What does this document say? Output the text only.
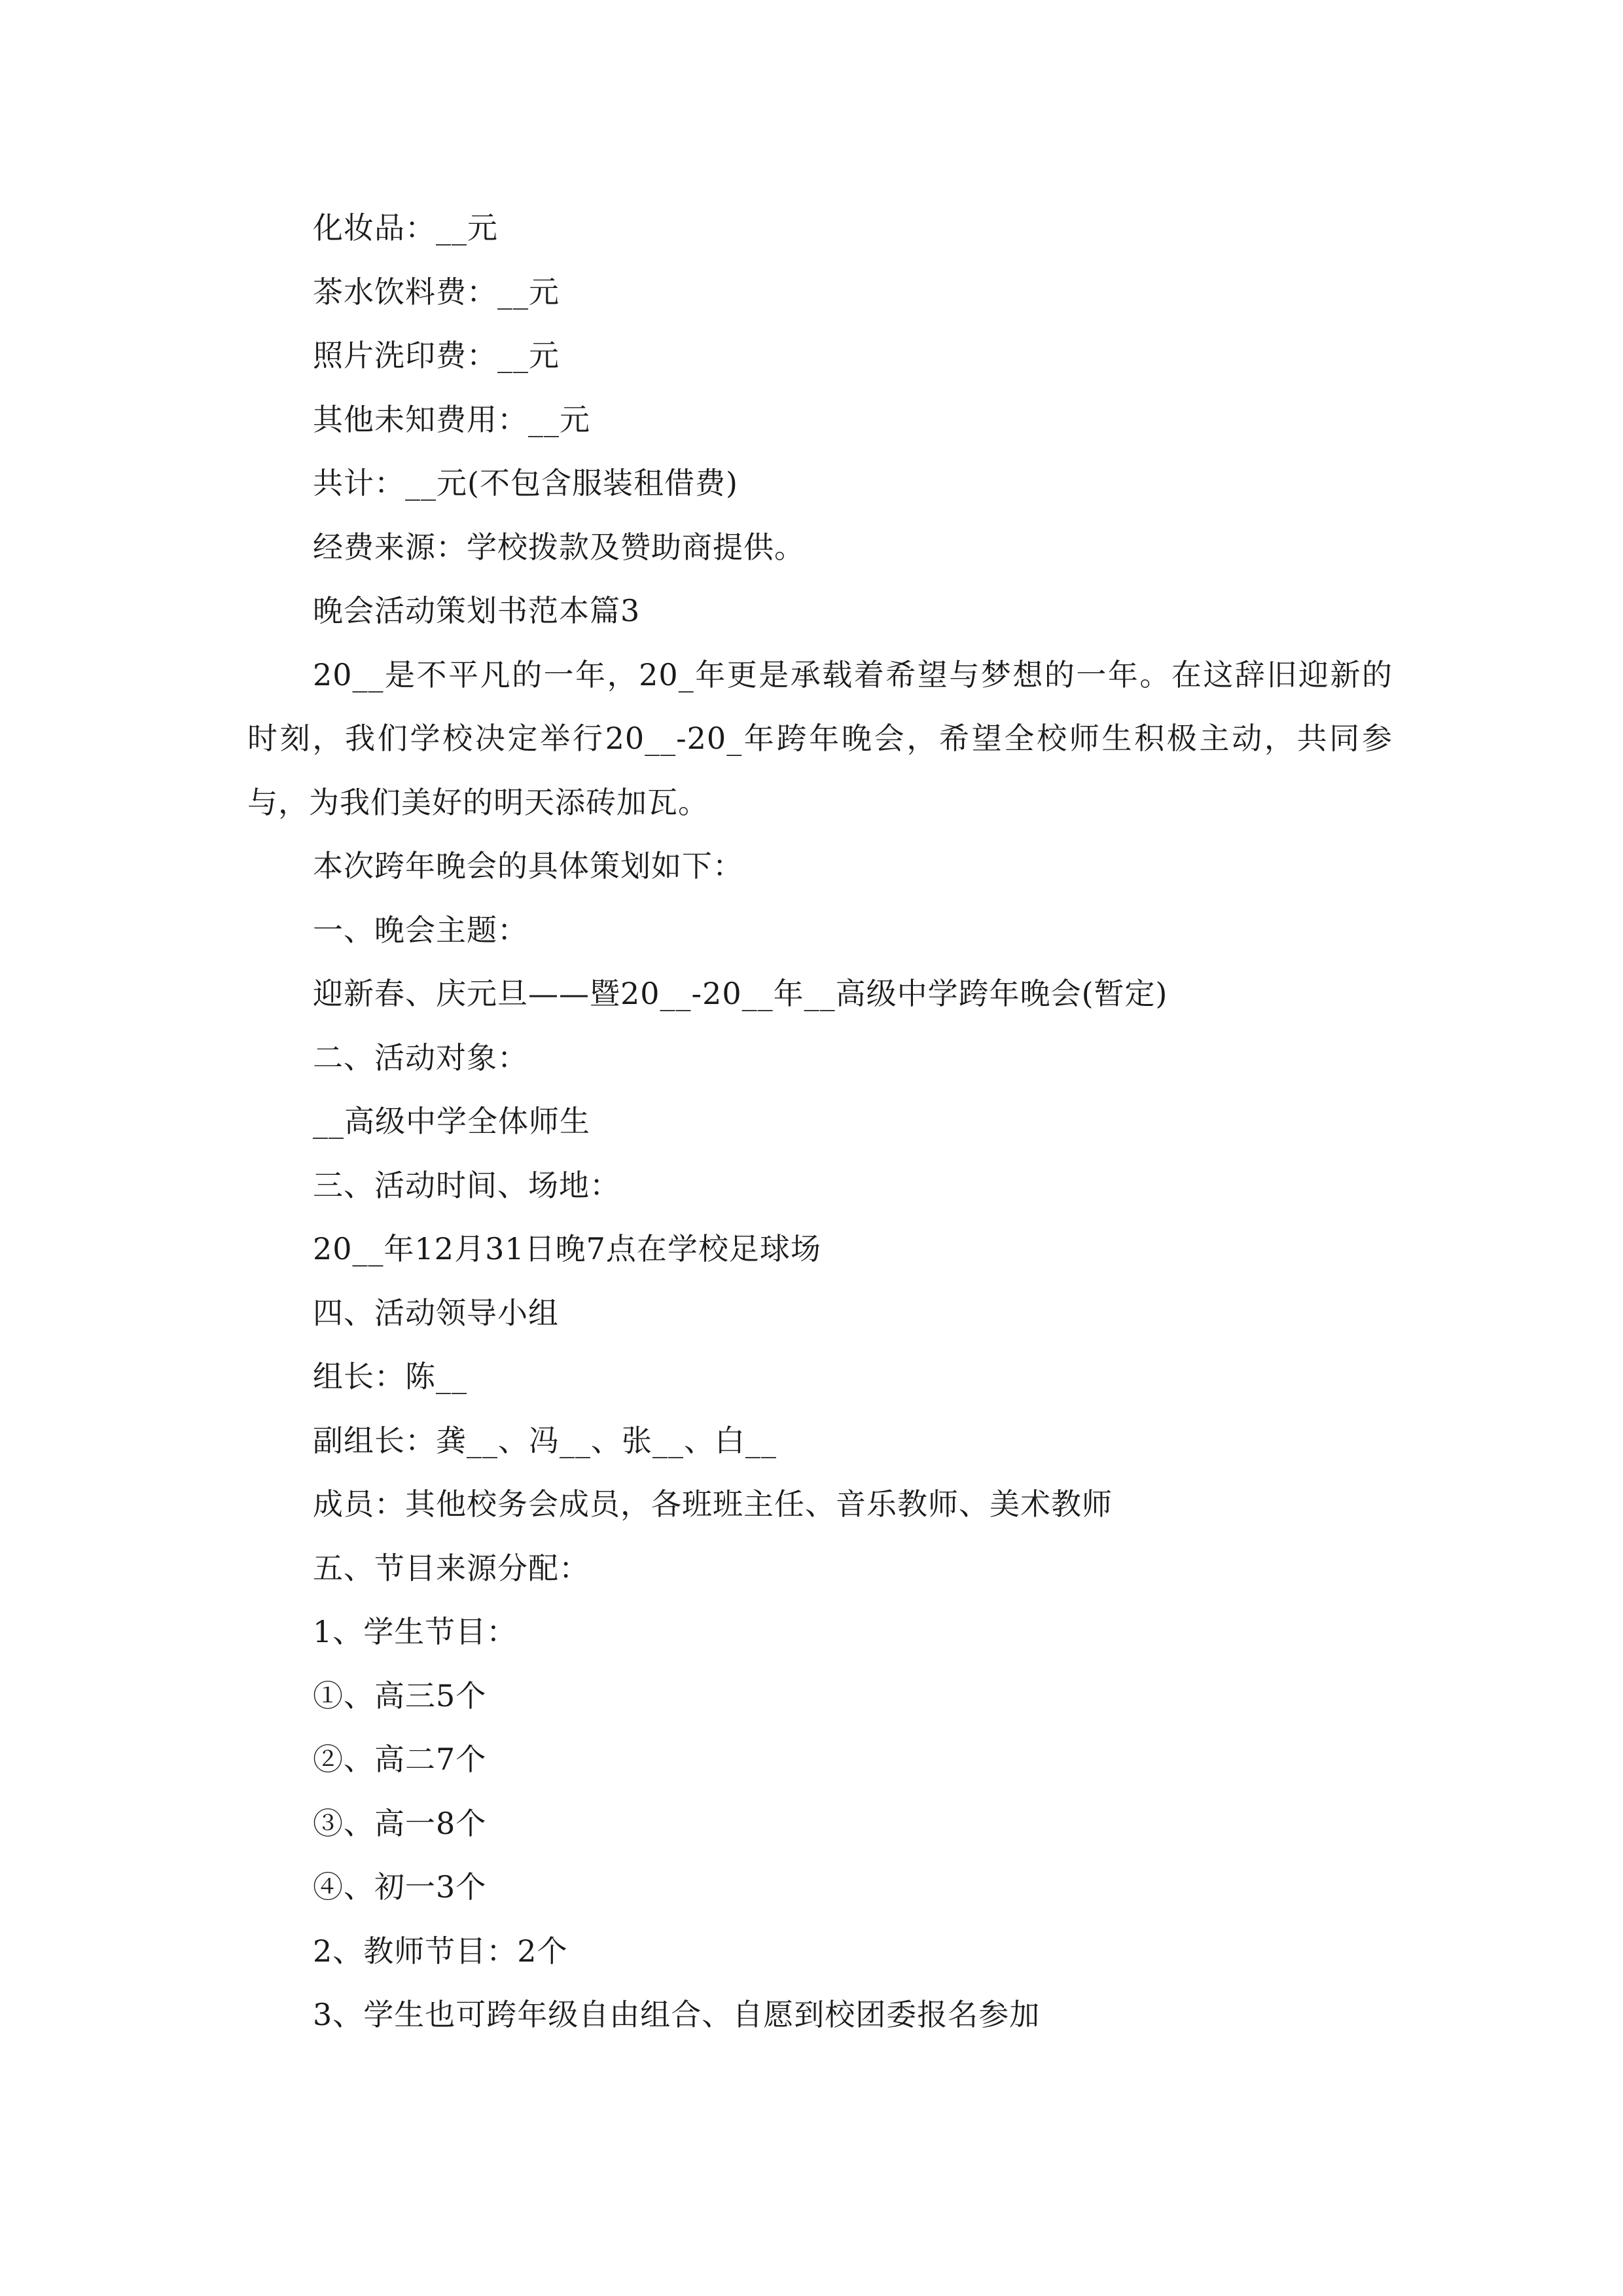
化妆品：__元
茶水饮料费：__元
照片洗印费：__元
其他未知费用：__元
共计：__元(不包含服装租借费)
经费来源：学校拨款及赞助商提供。
晚会活动策划书范本篇3
20__是不平凡的一年，20_年更是承载着希望与梦想的一年。在这辞旧迎新的时刻，我们学校决定举行20__-20_年跨年晚会，希望全校师生积极主动，共同参与，为我们美好的明天添砖加瓦。
本次跨年晚会的具体策划如下：
一、晚会主题：
迎新春、庆元旦——暨20__-20__年__高级中学跨年晚会(暂定)
二、活动对象：
__高级中学全体师生
三、活动时间、场地：
20__年12月31日晚7点在学校足球场
四、活动领导小组
组长：陈__
副组长：龚__、冯__、张__、白__
成员：其他校务会成员，各班班主任、音乐教师、美术教师
五、节目来源分配：
1、学生节目：
①、高三5个
②、高二7个
③、高一8个
④、初一3个
2、教师节目：2个
3、学生也可跨年级自由组合、自愿到校团委报名参加
